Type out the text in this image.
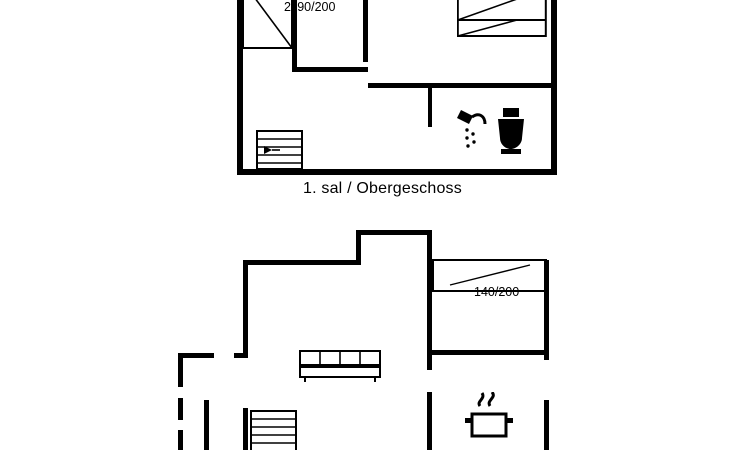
2x90/200
1. sal / Obergeschoss
140/200
